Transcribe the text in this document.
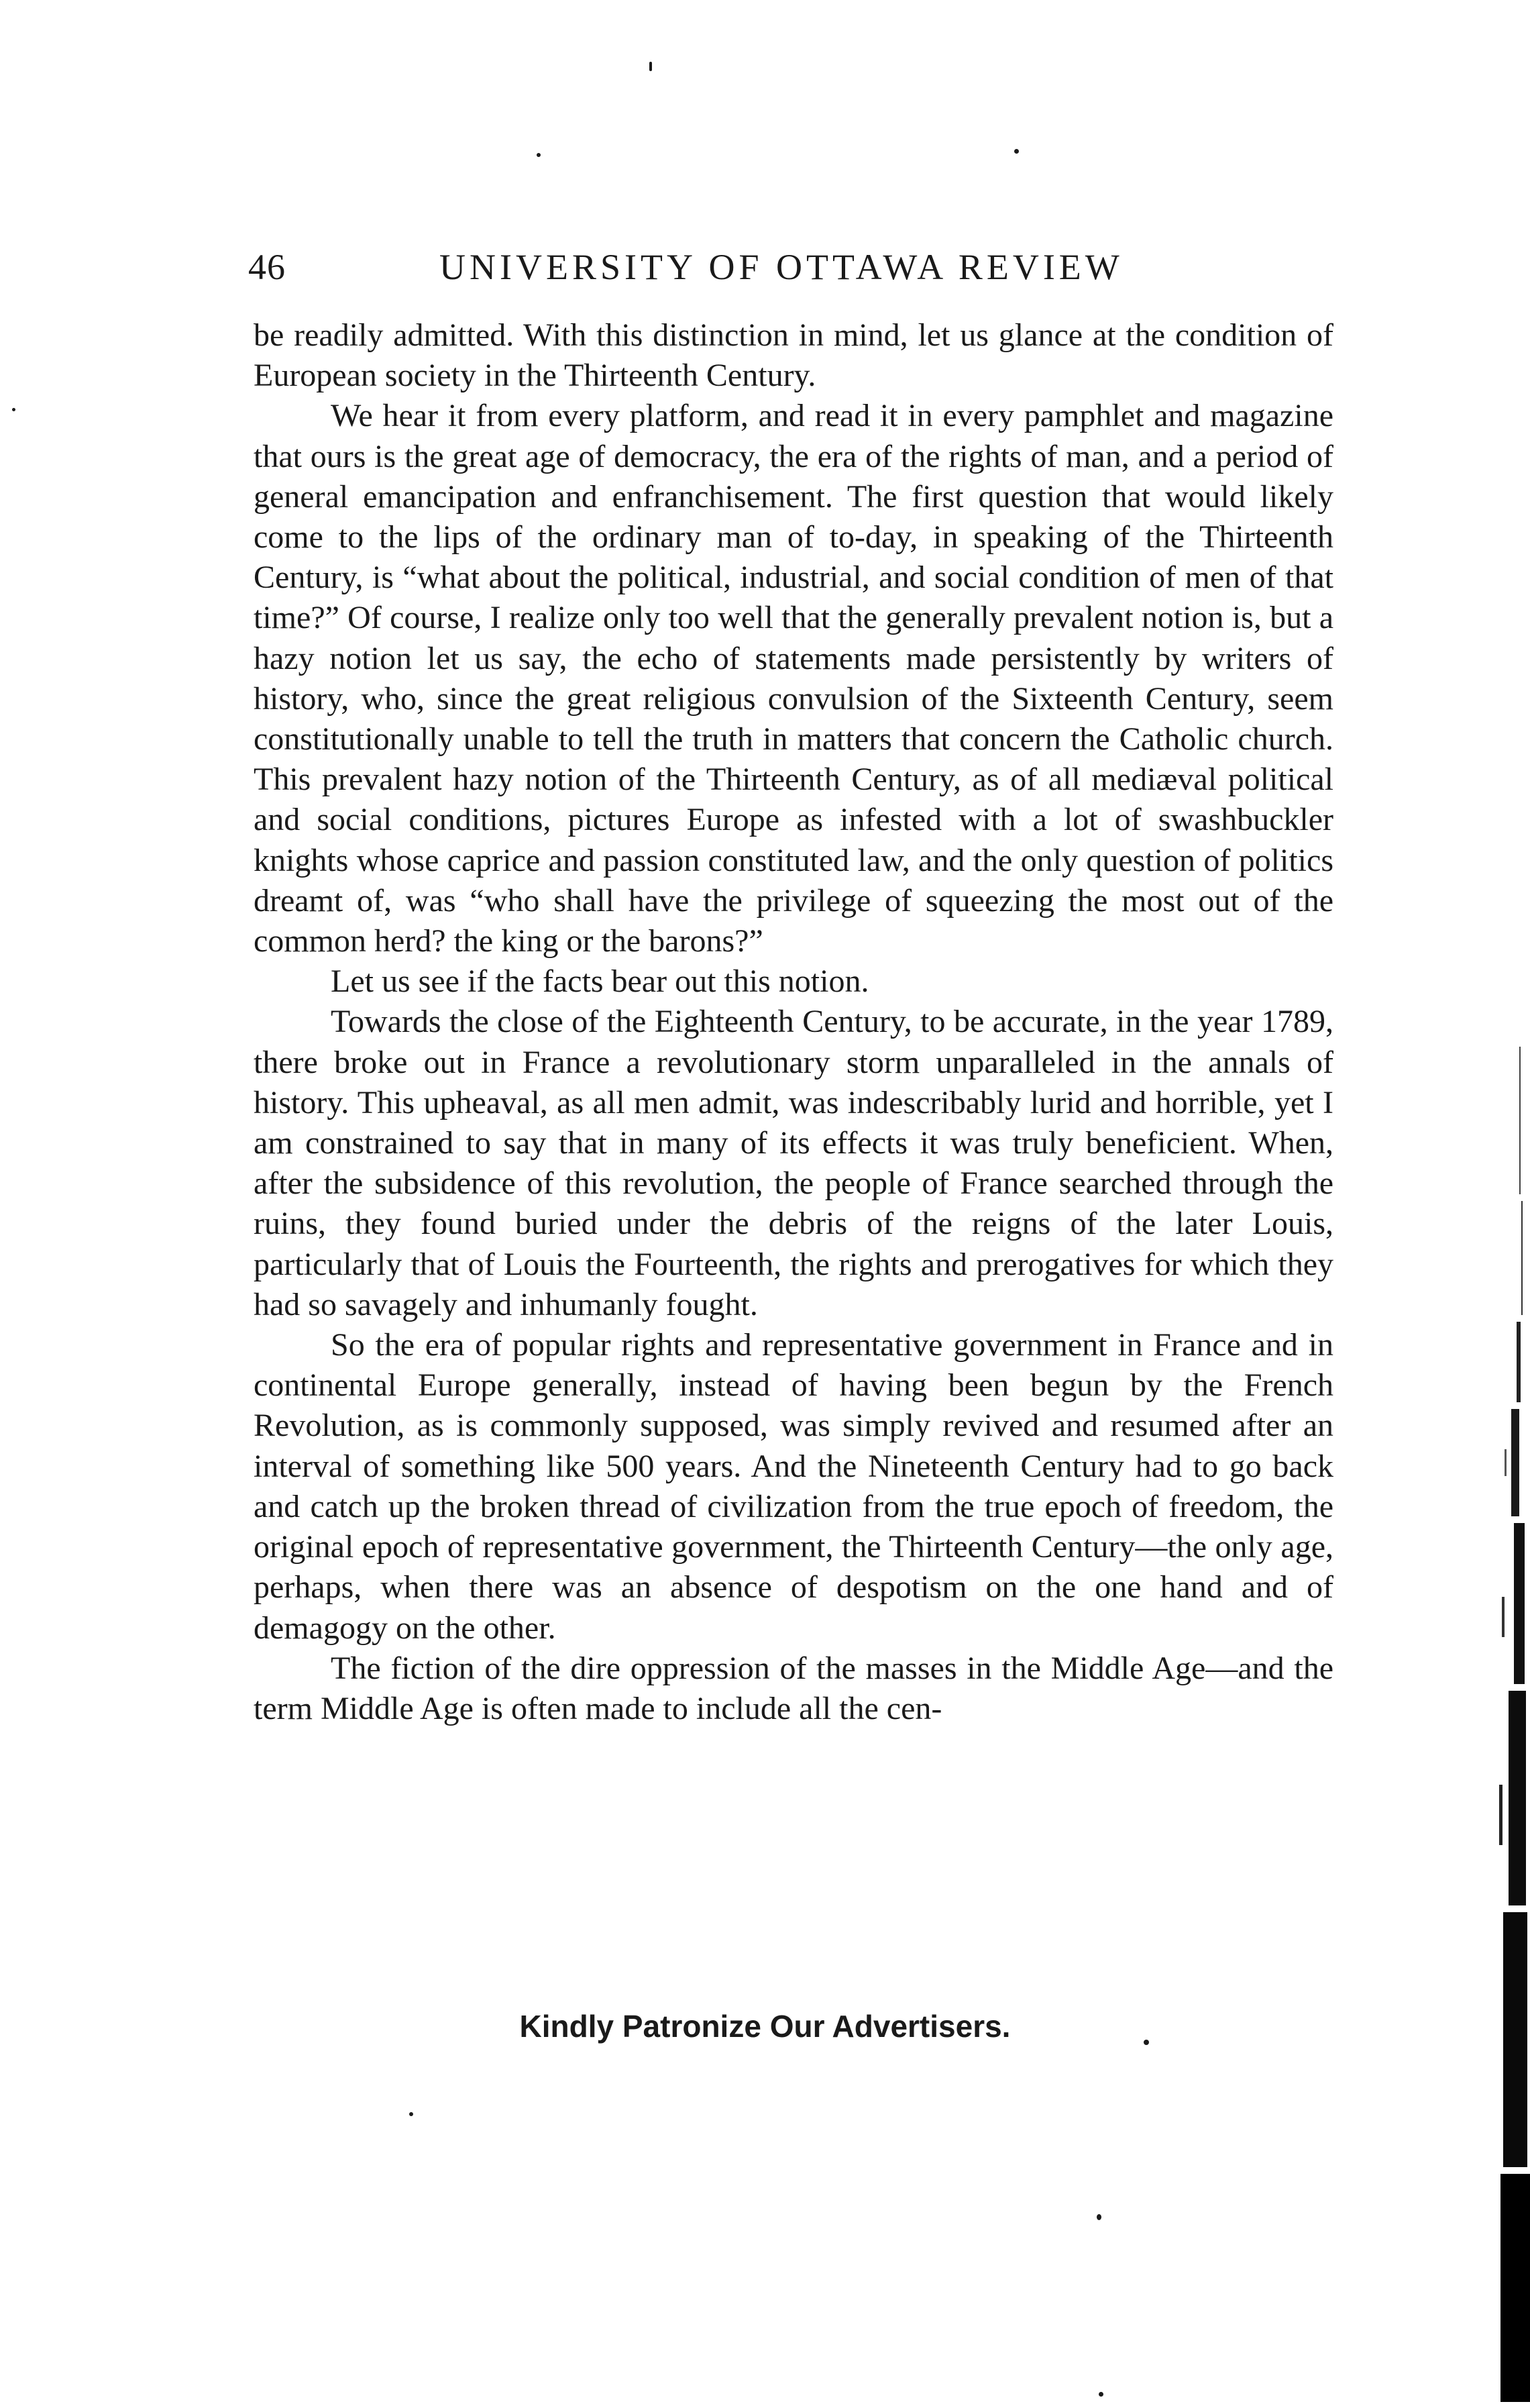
46	UNIVERSITY OF OTTAWA REVIEW

be readily admitted. With this distinction in mind, let us glance at the condition of European society in the Thirteenth Century.

We hear it from every platform, and read it in every pamphlet and magazine that ours is the great age of democracy, the era of the rights of man, and a period of general emancipation and enfranchisement. The first question that would likely come to the lips of the ordinary man of to-day, in speaking of the Thirteenth Century, is “what about the political, industrial, and social condition of men of that time?” Of course, I realize only too well that the generally prevalent notion is, but a hazy notion let us say, the echo of statements made persistently by writers of history, who, since the great religious convulsion of the Sixteenth Century, seem constitutionally unable to tell the truth in matters that concern the Catholic church. This prevalent hazy notion of the Thirteenth Century, as of all mediæval political and social conditions, pictures Europe as infested with a lot of swashbuckler knights whose caprice and passion constituted law, and the only question of politics dreamt of, was “who shall have the privilege of squeezing the most out of the common herd? the king or the barons?”

Let us see if the facts bear out this notion.

Towards the close of the Eighteenth Century, to be accurate, in the year 1789, there broke out in France a revolutionary storm unparalleled in the annals of history. This upheaval, as all men admit, was indescribably lurid and horrible, yet I am constrained to say that in many of its effects it was truly beneficient. When, after the subsidence of this revolution, the people of France searched through the ruins, they found buried under the debris of the reigns of the later Louis, particularly that of Louis the Fourteenth, the rights and prerogatives for which they had so savagely and inhumanly fought.

So the era of popular rights and representative government in France and in continental Europe generally, instead of having been begun by the French Revolution, as is commonly supposed, was simply revived and resumed after an interval of something like 500 years. And the Nineteenth Century had to go back and catch up the broken thread of civilization from the true epoch of freedom, the original epoch of representative government, the Thirteenth Century—the only age, perhaps, when there was an absence of despotism on the one hand and of demagogy on the other.

The fiction of the dire oppression of the masses in the Middle Age—and the term Middle Age is often made to include all the cen-

Kindly Patronize Our Advertisers.
